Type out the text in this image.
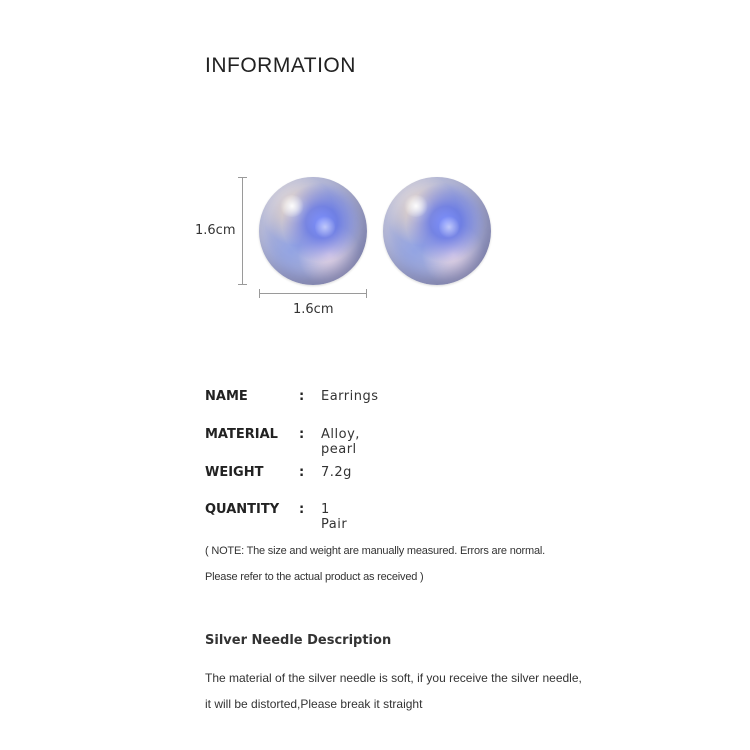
INFORMATION
1.6cm
1.6cm
NAME	: Earrings
MATERIAL : Alloy, pearl
WEIGHT	: 7.2g
QUANTITY : 1 Pair
( NOTE: The size and weight are manually measured. Errors are normal.
Please refer to the actual product as received )
Silver Needle Description
The material of the silver needle is soft, if you receive the silver needle,
it will be distorted,Please break it straight
